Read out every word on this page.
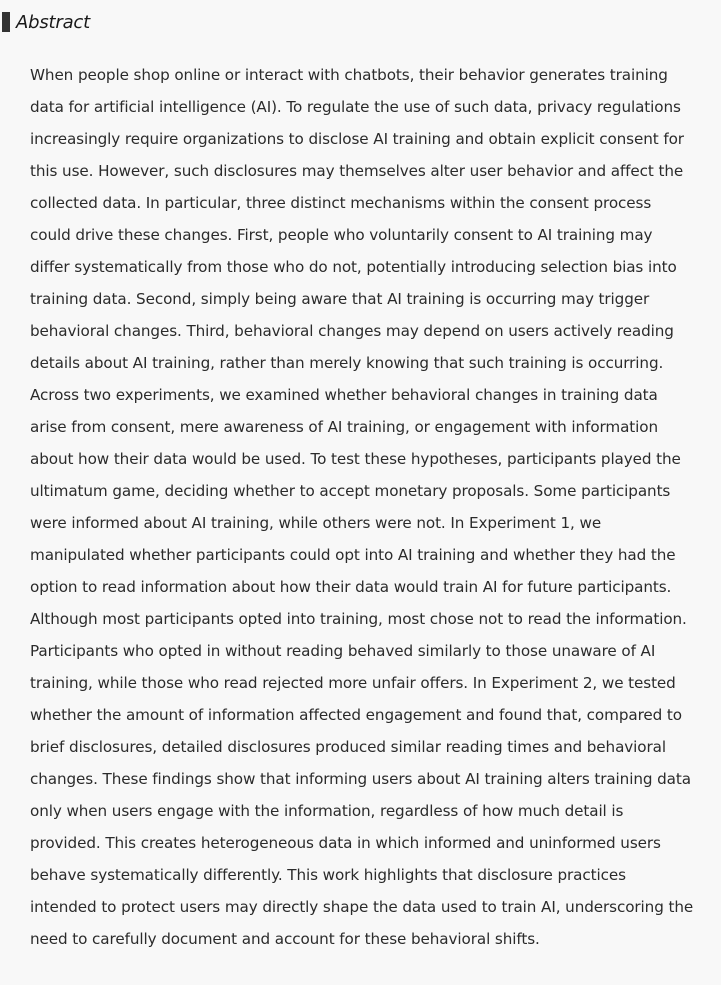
Abstract

When people shop online or interact with chatbots, their behavior generates training data for artificial intelligence (AI). To regulate the use of such data, privacy regulations increasingly require organizations to disclose AI training and obtain explicit consent for this use. However, such disclosures may themselves alter user behavior and affect the collected data. In particular, three distinct mechanisms within the consent process could drive these changes. First, people who voluntarily consent to AI training may differ systematically from those who do not, potentially introducing selection bias into training data. Second, simply being aware that AI training is occurring may trigger behavioral changes. Third, behavioral changes may depend on users actively reading details about AI training, rather than merely knowing that such training is occurring. Across two experiments, we examined whether behavioral changes in training data arise from consent, mere awareness of AI training, or engagement with information about how their data would be used. To test these hypotheses, participants played the ultimatum game, deciding whether to accept monetary proposals. Some participants were informed about AI training, while others were not. In Experiment 1, we manipulated whether participants could opt into AI training and whether they had the option to read information about how their data would train AI for future participants. Although most participants opted into training, most chose not to read the information. Participants who opted in without reading behaved similarly to those unaware of AI training, while those who read rejected more unfair offers. In Experiment 2, we tested whether the amount of information affected engagement and found that, compared to brief disclosures, detailed disclosures produced similar reading times and behavioral changes. These findings show that informing users about AI training alters training data only when users engage with the information, regardless of how much detail is provided. This creates heterogeneous data in which informed and uninformed users behave systematically differently. This work highlights that disclosure practices intended to protect users may directly shape the data used to train AI, underscoring the need to carefully document and account for these behavioral shifts.
